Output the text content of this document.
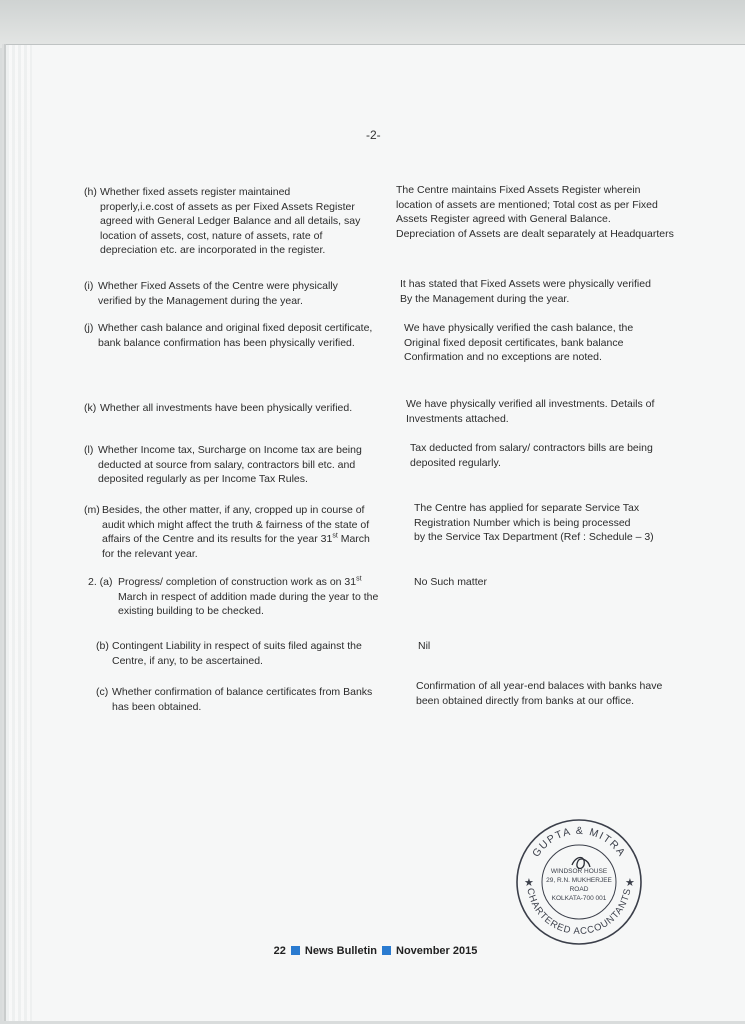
-2-
(h) Whether fixed assets register maintained
properly,i.e.cost of assets as per Fixed Assets Register
agreed with General Ledger Balance and all details, say
location of assets, cost, nature of assets, rate of
depreciation etc. are incorporated in the register.
The Centre maintains Fixed Assets Register wherein
location of assets are mentioned; Total cost as per Fixed
Assets Register agreed with General Balance.
Depreciation of Assets are dealt separately at Headquarters
(i) Whether Fixed Assets of the Centre were physically
verified by the Management during the year.
It has stated that Fixed Assets were physically verified
By the Management during the year.
(j) Whether cash balance and original fixed deposit certificate,
bank balance confirmation has been physically verified.
We have physically verified the cash balance, the
Original fixed deposit certificates, bank balance
Confirmation and no exceptions are noted.
(k) Whether all investments have been physically verified.	We have physically verified all investments. Details of
Investments attached.
(l) Whether Income tax, Surcharge on Income tax are being
deducted at source from salary, contractors bill etc. and
deposited regularly as per Income Tax Rules.
Tax deducted from salary/ contractors bills are being
deposited regularly.
(m) Besides, the other matter, if any, cropped up in course of
audit which might affect the truth & fairness of the state of
affairs of the Centre and its results for the year 31st March
for the relevant year.
The Centre has applied for separate Service Tax
Registration Number which is being processed
by the Service Tax Department (Ref : Schedule – 3)
2. (a) Progress/ completion of construction work as on 31st
March in respect of addition made during the year to the
existing building to be checked.
No Such matter
(b) Contingent Liability in respect of suits filed against the
Centre, if any, to be ascertained.
Nil
(c) Whether confirmation of balance certificates from Banks
has been obtained.
Confirmation of all year-end balaces with banks have
been obtained directly from banks at our office.
GUPTA & MITRA
CHARTERED ACCOUNTANTS
★	★
WINDSOR HOUSE
29, R.N. MUKHERJEE
ROAD
KOLKATA-700 001
22 News Bulletin November 2015
